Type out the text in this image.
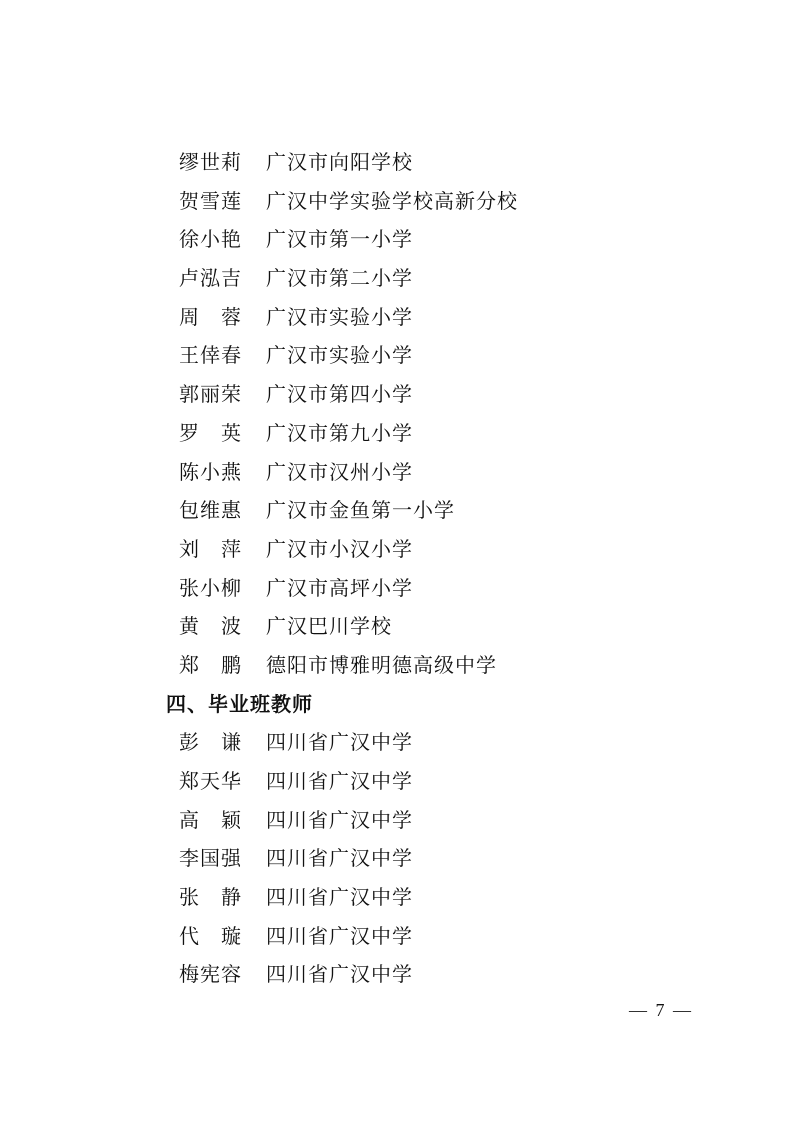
缪世莉 广汉市向阳学校
贺雪莲 广汉中学实验学校高新分校
徐小艳 广汉市第一小学
卢泓吉 广汉市第二小学
周　蓉 广汉市实验小学
王倖春 广汉市实验小学
郭丽荣 广汉市第四小学
罗　英 广汉市第九小学
陈小燕 广汉市汉州小学
包维惠 广汉市金鱼第一小学
刘　萍 广汉市小汉小学
张小柳 广汉市高坪小学
黄　波 广汉巴川学校
郑　鹏 德阳市博雅明德高级中学
四、毕业班教师
彭　谦 四川省广汉中学
郑天华 四川省广汉中学
高　颖 四川省广汉中学
李国强 四川省广汉中学
张　静 四川省广汉中学
代　璇 四川省广汉中学
梅宪容 四川省广汉中学
— 7 —
